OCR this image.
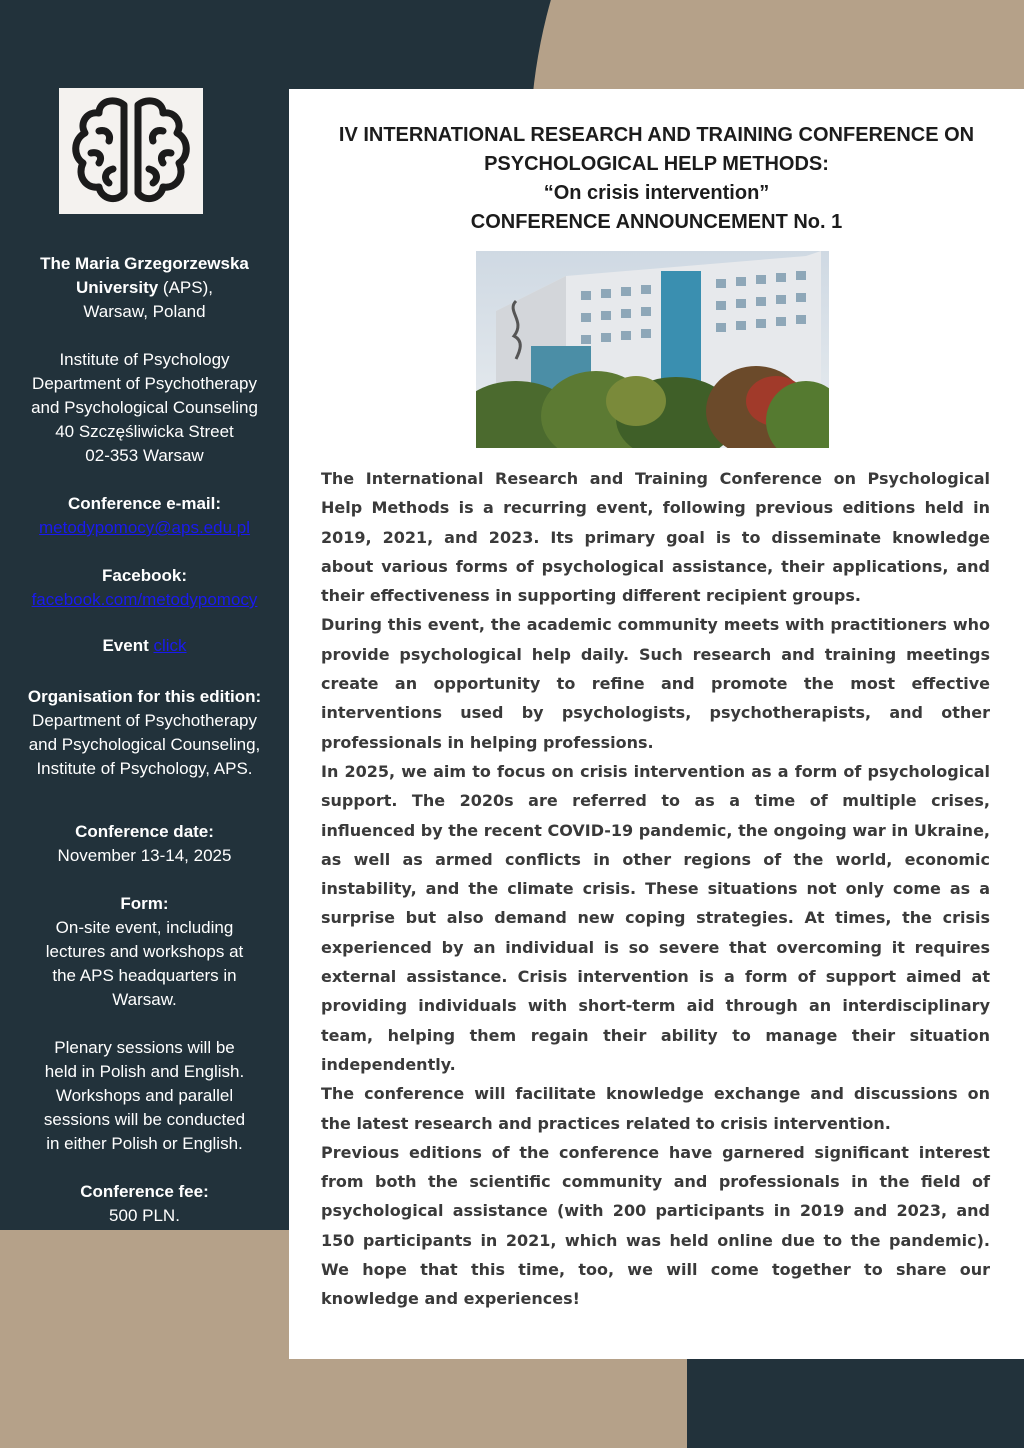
The Maria Grzegorzewska University (APS),
Warsaw, Poland
Institute of Psychology
Department of Psychotherapy
and Psychological Counseling
40 Szczęśliwicka Street
02-353 Warsaw
Conference e-mail:
metodypomocy@aps.edu.pl
Facebook:
facebook.com/metodypomocy
Event click
Organisation for this edition:
Department of Psychotherapy
and Psychological Counseling,
Institute of Psychology, APS.
Conference date:
November 13-14, 2025
Form:
On-site event, including
lectures and workshops at
the APS headquarters in
Warsaw.
Plenary sessions will be
held in Polish and English.
Workshops and parallel
sessions will be conducted
in either Polish or English.
Conference fee:
500 PLN.
IV INTERNATIONAL RESEARCH AND TRAINING CONFERENCE ON
PSYCHOLOGICAL HELP METHODS:
“On crisis intervention”
CONFERENCE ANNOUNCEMENT No. 1

The International Research and Training Conference on Psychological Help Methods is a recurring event, following previous editions held in 2019, 2021, and 2023. Its primary goal is to disseminate knowledge about various forms of psychological assistance, their applications, and their effectiveness in supporting different recipient groups.

During this event, the academic community meets with practitioners who provide psychological help daily. Such research and training meetings create an opportunity to refine and promote the most effective interventions used by psychologists, psychotherapists, and other professionals in helping professions.

In 2025, we aim to focus on crisis intervention as a form of psychological support. The 2020s are referred to as a time of multiple crises, influenced by the recent COVID-19 pandemic, the ongoing war in Ukraine, as well as armed conflicts in other regions of the world, economic instability, and the climate crisis. These situations not only come as a surprise but also demand new coping strategies. At times, the crisis experienced by an individual is so severe that overcoming it requires external assistance. Crisis intervention is a form of support aimed at providing individuals with short-term aid through an interdisciplinary team, helping them regain their ability to manage their situation independently.

The conference will facilitate knowledge exchange and discussions on the latest research and practices related to crisis intervention.

Previous editions of the conference have garnered significant interest from both the scientific community and professionals in the field of psychological assistance (with 200 participants in 2019 and 2023, and 150 participants in 2021, which was held online due to the pandemic). We hope that this time, too, we will come together to share our knowledge and experiences!
